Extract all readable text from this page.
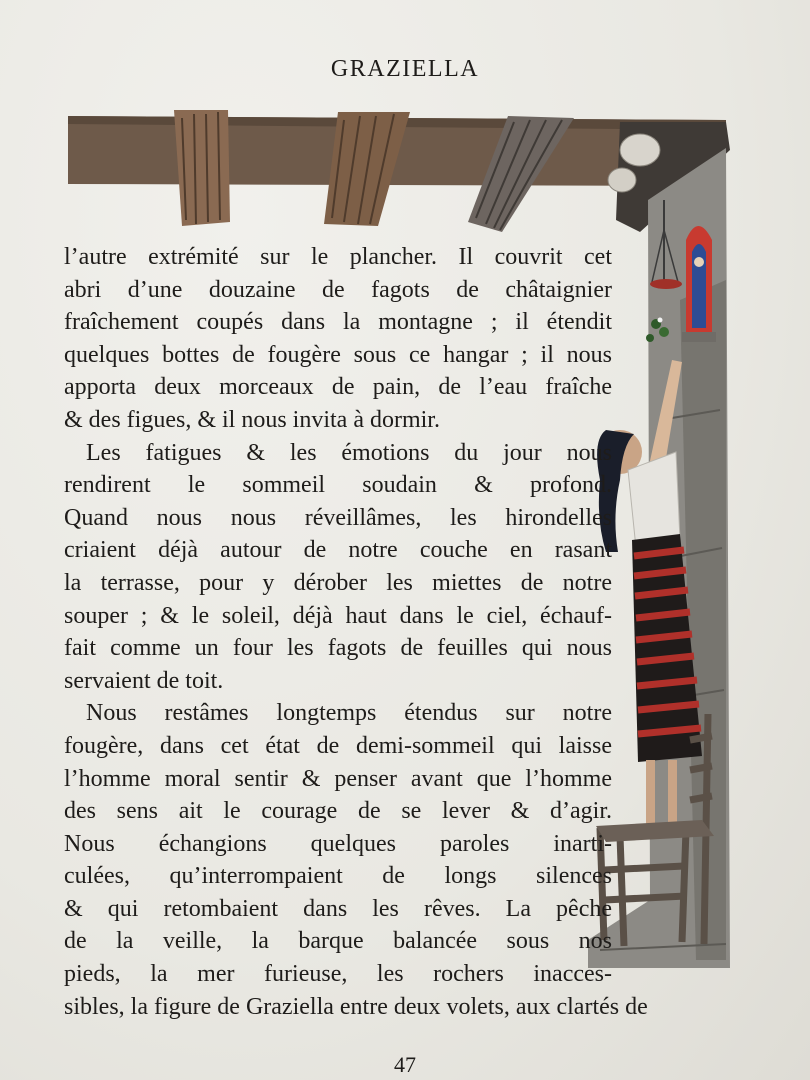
GRAZIELLA
l’autre extrémité sur le plancher. Il couvrit cet
abri d’une douzaine de fagots de châtaignier
fraîchement coupés dans la montagne ; il étendit
quelques bottes de fougère sous ce hangar ; il nous
apporta deux morceaux de pain, de l’eau fraîche
& des figues, & il nous invita à dormir.
Les fatigues & les émotions du jour nous
rendirent le sommeil soudain & profond.
Quand nous nous réveillâmes, les hirondelles
criaient déjà autour de notre couche en rasant
la terrasse, pour y dérober les miettes de notre
souper ; & le soleil, déjà haut dans le ciel, échauf-
fait comme un four les fagots de feuilles qui nous
servaient de toit.
Nous restâmes longtemps étendus sur notre
fougère, dans cet état de demi-sommeil qui laisse
l’homme moral sentir & penser avant que l’homme
des sens ait le courage de se lever & d’agir.
Nous échangions quelques paroles inarti-
culées, qu’interrompaient de longs silences
& qui retombaient dans les rêves. La pêche
de la veille, la barque balancée sous nos
pieds, la mer furieuse, les rochers inacces-
sibles, la figure de Graziella entre deux volets, aux clartés de
47
